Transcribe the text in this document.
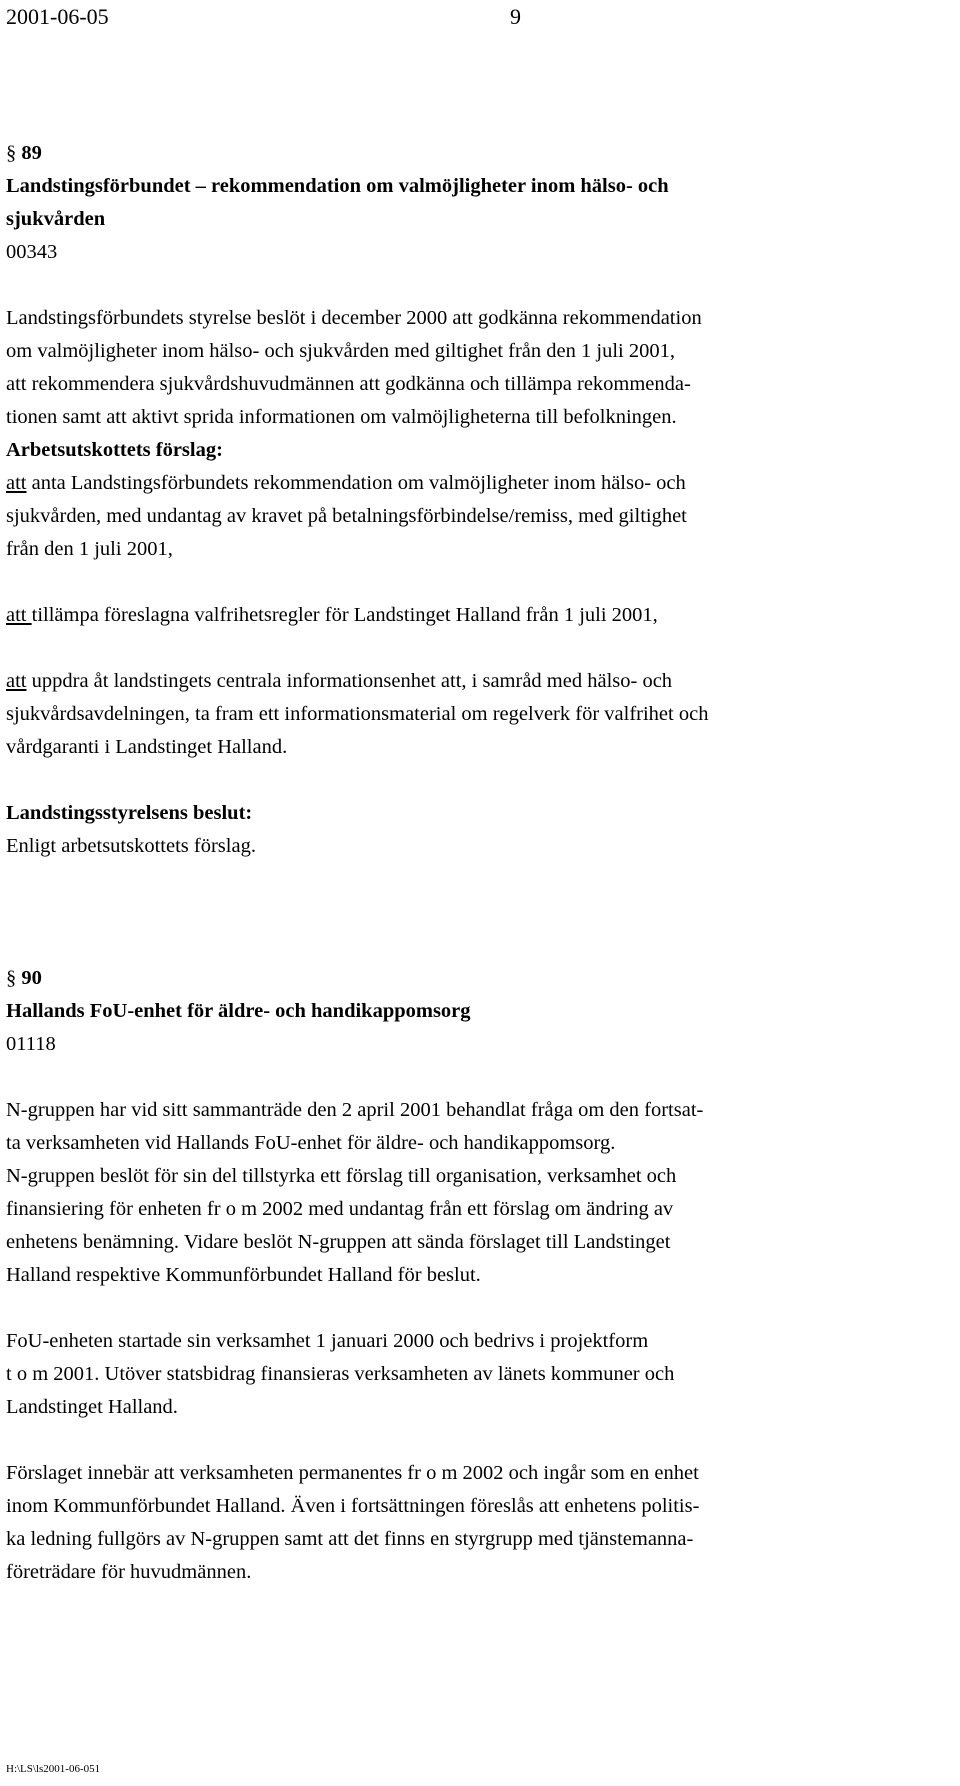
2001-06-05	9
§ 89
Landstingsförbundet – rekommendation om valmöjligheter inom hälso- och
sjukvården
00343
Landstingsförbundets styrelse beslöt i december 2000 att godkänna rekommendation
om valmöjligheter inom hälso- och sjukvården med giltighet från den 1 juli 2001,
att rekommendera sjukvårdshuvudmännen att godkänna och tillämpa rekommenda-
tionen samt att aktivt sprida informationen om valmöjligheterna till befolkningen.
Arbetsutskottets förslag:
att anta Landstingsförbundets rekommendation om valmöjligheter inom hälso- och
sjukvården, med undantag av kravet på betalningsförbindelse/remiss, med giltighet
från den 1 juli 2001,
att tillämpa föreslagna valfrihetsregler för Landstinget Halland från 1 juli 2001,
att uppdra åt landstingets centrala informationsenhet att, i samråd med hälso- och
sjukvårdsavdelningen, ta fram ett informationsmaterial om regelverk för valfrihet och
vårdgaranti i Landstinget Halland.
Landstingsstyrelsens beslut:
Enligt arbetsutskottets förslag.
§ 90
Hallands FoU-enhet för äldre- och handikappomsorg
01118
N-gruppen har vid sitt sammanträde den 2 april 2001 behandlat fråga om den fortsat-
ta verksamheten vid Hallands FoU-enhet för äldre- och handikappomsorg.
N-gruppen beslöt för sin del tillstyrka ett förslag till organisation, verksamhet och
finansiering för enheten fr o m 2002 med undantag från ett förslag om ändring av
enhetens benämning. Vidare beslöt N-gruppen att sända förslaget till Landstinget
Halland respektive Kommunförbundet Halland för beslut.
FoU-enheten startade sin verksamhet 1 januari 2000 och bedrivs i projektform
t o m 2001. Utöver statsbidrag finansieras verksamheten av länets kommuner och
Landstinget Halland.
Förslaget innebär att verksamheten permanentes fr o m 2002 och ingår som en enhet
inom Kommunförbundet Halland. Även i fortsättningen föreslås att enhetens politis-
ka ledning fullgörs av N-gruppen samt att det finns en styrgrupp med tjänstemanna-
företrädare för huvudmännen.
H:\LS\ls2001-06-051
